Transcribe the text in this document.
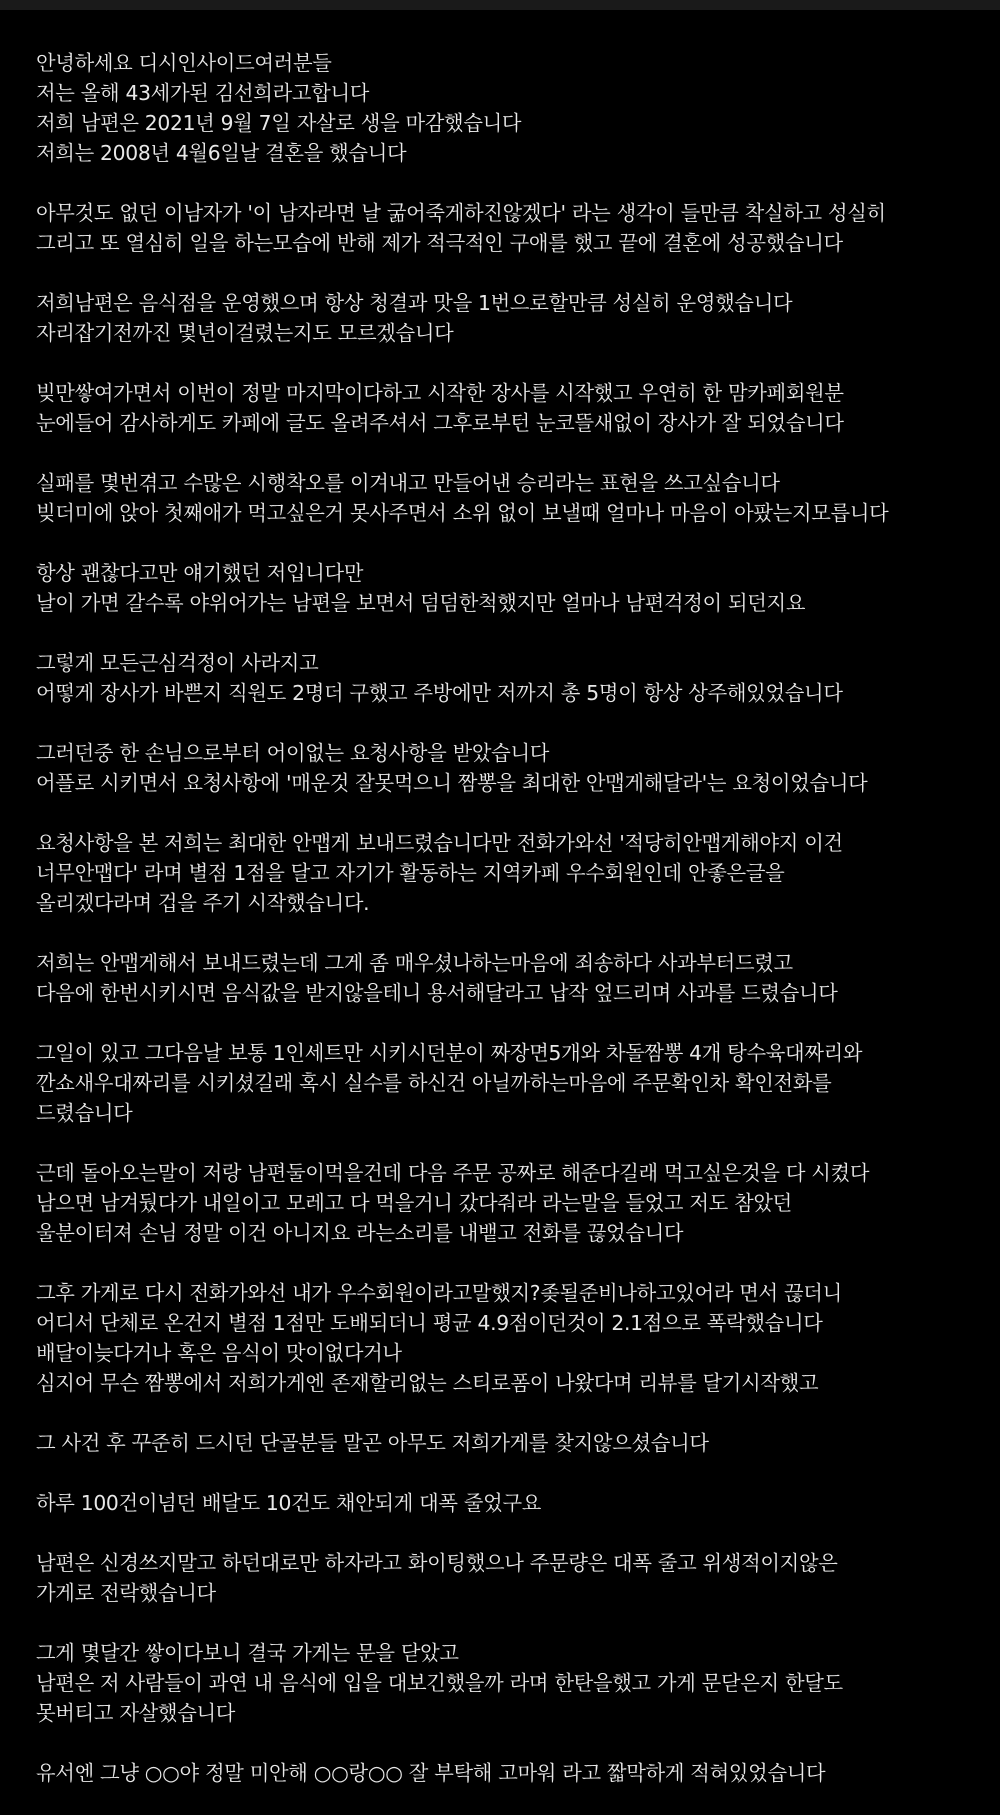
안녕하세요 디시인사이드여러분들
저는 올해 43세가된 김선희라고합니다
저희 남편은 2021년 9월 7일 자살로 생을 마감했습니다
저희는 2008년 4월6일날 결혼을 했습니다
아무것도 없던 이남자가 '이 남자라면 날 굶어죽게하진않겠다' 라는 생각이 들만큼 착실하고 성실히
그리고 또 열심히 일을 하는모습에 반해 제가 적극적인 구애를 했고 끝에 결혼에 성공했습니다
저희남편은 음식점을 운영했으며 항상 청결과 맛을 1번으로할만큼 성실히 운영했습니다
자리잡기전까진 몇년이걸렸는지도 모르겠습니다
빚만쌓여가면서 이번이 정말 마지막이다하고 시작한 장사를 시작했고 우연히 한 맘카페회원분
눈에들어 감사하게도 카페에 글도 올려주셔서 그후로부턴 눈코뜰새없이 장사가 잘 되었습니다
실패를 몇번겪고 수많은 시행착오를 이겨내고 만들어낸 승리라는 표현을 쓰고싶습니다
빚더미에 앉아 첫째애가 먹고싶은거 못사주면서 소위 없이 보낼때 얼마나 마음이 아팠는지모릅니다
항상 괜찮다고만 얘기했던 저입니다만
날이 가면 갈수록 야위어가는 남편을 보면서 덤덤한척했지만 얼마나 남편걱정이 되던지요
그렇게 모든근심걱정이 사라지고
어떻게 장사가 바쁜지 직원도 2명더 구했고 주방에만 저까지 총 5명이 항상 상주해있었습니다
그러던중 한 손님으로부터 어이없는 요청사항을 받았습니다
어플로 시키면서 요청사항에 '매운것 잘못먹으니 짬뽕을 최대한 안맵게해달라'는 요청이었습니다
요청사항을 본 저희는 최대한 안맵게 보내드렸습니다만 전화가와선 '적당히안맵게해야지 이건
너무안맵다' 라며 별점 1점을 달고 자기가 활동하는 지역카페 우수회원인데 안좋은글을
올리겠다라며 겁을 주기 시작했습니다.
저희는 안맵게해서 보내드렸는데 그게 좀 매우셨나하는마음에 죄송하다 사과부터드렸고
다음에 한번시키시면 음식값을 받지않을테니 용서해달라고 납작 엎드리며 사과를 드렸습니다
그일이 있고 그다음날 보통 1인세트만 시키시던분이 짜장면5개와 차돌짬뽕 4개 탕수육대짜리와
깐쇼새우대짜리를 시키셨길래 혹시 실수를 하신건 아닐까하는마음에 주문확인차 확인전화를
드렸습니다
근데 돌아오는말이 저랑 남편둘이먹을건데 다음 주문 공짜로 해준다길래 먹고싶은것을 다 시켰다
남으면 남겨뒀다가 내일이고 모레고 다 먹을거니 갔다줘라 라는말을 들었고 저도 참았던
울분이터져 손님 정말 이건 아니지요 라는소리를 내뱉고 전화를 끊었습니다
그후 가게로 다시 전화가와선 내가 우수회원이라고말했지?좆될준비나하고있어라 면서 끊더니
어디서 단체로 온건지 별점 1점만 도배되더니 평균 4.9점이던것이 2.1점으로 폭락했습니다
배달이늦다거나 혹은 음식이 맛이없다거나
심지어 무슨 짬뽕에서 저희가게엔 존재할리없는 스티로폼이 나왔다며 리뷰를 달기시작했고
그 사건 후 꾸준히 드시던 단골분들 말곤 아무도 저희가게를 찾지않으셨습니다
하루 100건이넘던 배달도 10건도 채안되게 대폭 줄었구요
남편은 신경쓰지말고 하던대로만 하자라고 화이팅했으나 주문량은 대폭 줄고 위생적이지않은
가게로 전락했습니다
그게 몇달간 쌓이다보니 결국 가게는 문을 닫았고
남편은 저 사람들이 과연 내 음식에 입을 대보긴했을까 라며 한탄을했고 가게 문닫은지 한달도
못버티고 자살했습니다
유서엔 그냥 ○○야 정말 미안해 ○○랑○○ 잘 부탁해 고마워 라고 짧막하게 적혀있었습니다
